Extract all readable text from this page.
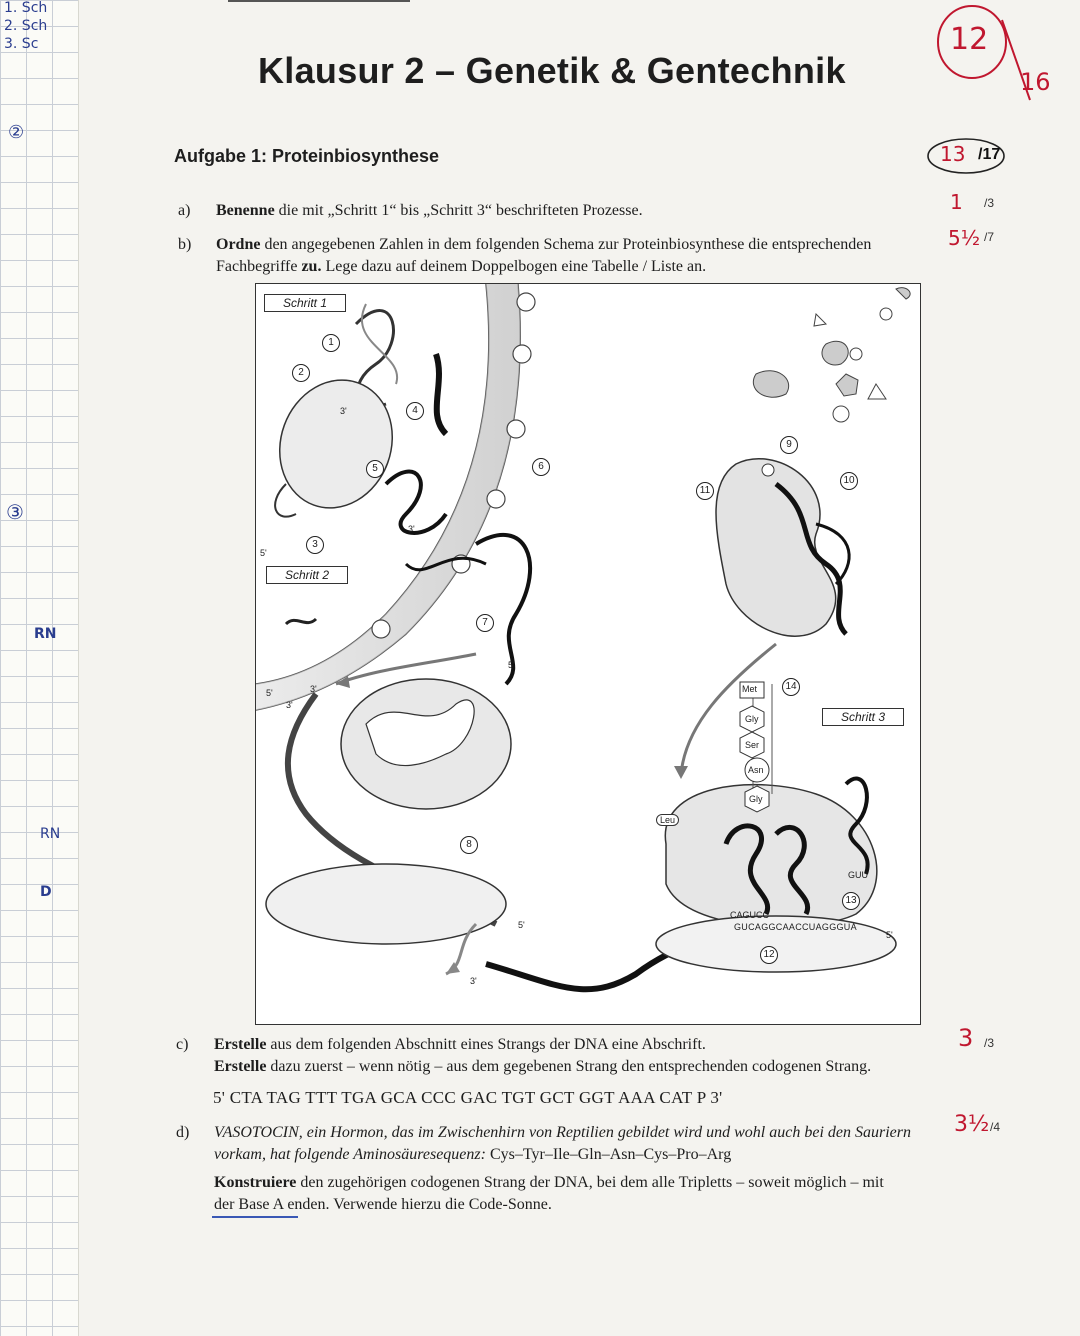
1. Sch
2. Sch
3. Sc
②
③
RN
RN
D
Klausur 2 – Genetik & Gentechnik
12
16
Aufgabe 1: Proteinbiosynthese	13 /17
a) Benenne die mit „Schritt 1“ bis „Schritt 3“ beschrifteten Prozesse.	1 /3
b) Ordne den angegebenen Zahlen in dem folgenden Schema zur Proteinbiosynthese die entsprechenden
Fachbegriffe zu. Lege dazu auf deinem Doppelbogen eine Tabelle / Liste an.
5½ /7
Schritt 1
Schritt 2
Schritt 3
1
2
3
4
5	6
7
8
9
10
11
12
13
14
Met
Gly
Ser
Asn
Gly
Leu
CAGUCC
GUU
GUCAGGCAACCUAGGGUA
3'
5'
3'
3'
5'
3'
5'
3'
5'
5'
c) Erstelle aus dem folgenden Abschnitt eines Strangs der DNA eine Abschrift.
Erstelle dazu zuerst – wenn nötig – aus dem gegebenen Strang den entsprechenden codogenen Strang.
3 /3
5' CTA TAG TTT TGA GCA CCC GAC TGT GCT GGT AAA CAT P 3'
d) VASOTOCIN, ein Hormon, das im Zwischenhirn von Reptilien gebildet wird und wohl auch bei den Sauriern
vorkam, hat folgende Aminosäuresequenz: Cys–Tyr–Ile–Gln–Asn–Cys–Pro–Arg
Konstruiere den zugehörigen codogenen Strang der DNA, bei dem alle Tripletts – soweit möglich – mit
der Base A enden. Verwende hierzu die Code-Sonne.
3½ /4
